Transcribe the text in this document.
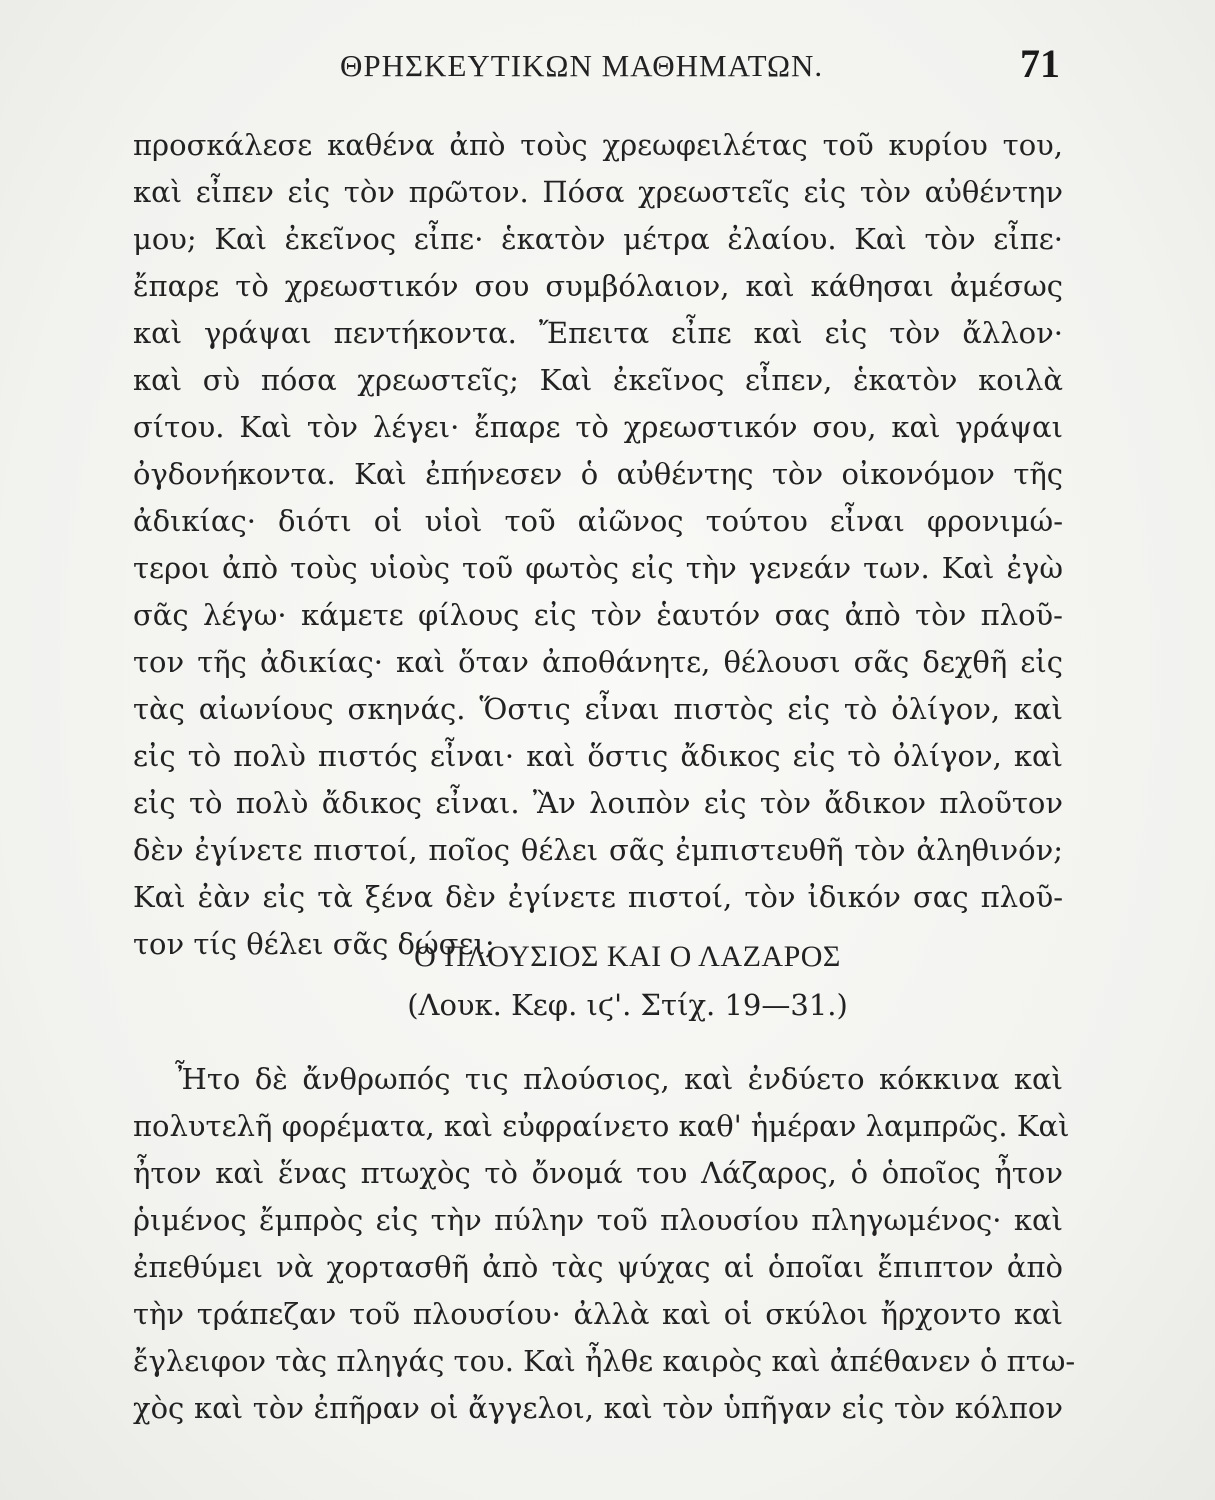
ΘΡΗΣΚΕΥΤΙΚΩΝ ΜΑΘΗΜΑΤΩΝ.	71
προσκάλεσε καθένα ἀπὸ τοὺς χρεωφειλέτας τοῦ κυρίου του,
καὶ εἶπεν εἰς τὸν πρῶτον. Πόσα χρεωστεῖς εἰς τὸν αὐθέντην
μου; Καὶ ἐκεῖνος εἶπε· ἑκατὸν μέτρα ἐλαίου. Καὶ τὸν εἶπε·
ἔπαρε τὸ χρεωστικόν σου συμβόλαιον, καὶ κάθησαι ἀμέσως
καὶ γράψαι πεντήκοντα. Ἔπειτα εἶπε καὶ εἰς τὸν ἄλλον·
καὶ σὺ πόσα χρεωστεῖς; Καὶ ἐκεῖνος εἶπεν, ἑκατὸν κοιλὰ
σίτου. Καὶ τὸν λέγει· ἔπαρε τὸ χρεωστικόν σου, καὶ γράψαι
ὀγδονήκοντα. Καὶ ἐπήνεσεν ὁ αὐθέντης τὸν οἰκονόμον τῆς
ἀδικίας· διότι οἱ υἱοὶ τοῦ αἰῶνος τούτου εἶναι φρονιμώ-
τεροι ἀπὸ τοὺς υἱοὺς τοῦ φωτὸς εἰς τὴν γενεάν των. Καὶ ἐγὼ
σᾶς λέγω· κάμετε φίλους εἰς τὸν ἑαυτόν σας ἀπὸ τὸν πλοῦ-
τον τῆς ἀδικίας· καὶ ὅταν ἀποθάνητε, θέλουσι σᾶς δεχθῆ εἰς
τὰς αἰωνίους σκηνάς. Ὅστις εἶναι πιστὸς εἰς τὸ ὀλίγον, καὶ
εἰς τὸ πολὺ πιστός εἶναι· καὶ ὅστις ἄδικος εἰς τὸ ὀλίγον, καὶ
εἰς τὸ πολὺ ἄδικος εἶναι. Ἂν λοιπὸν εἰς τὸν ἄδικον πλοῦτον
δὲν ἐγίνετε πιστοί, ποῖος θέλει σᾶς ἐμπιστευθῆ τὸν ἀληθινόν;
Καὶ ἐὰν εἰς τὰ ξένα δὲν ἐγίνετε πιστοί, τὸν ἰδικόν σας πλοῦ-
τον τίς θέλει σᾶς δώσει;
Ο ΠΛΟΥΣΙΟΣ ΚΑΙ Ο ΛΑΖΑΡΟΣ
(Λουκ. Κεφ. ιϛ'. Στίχ. 19—31.)
Ἦτο δὲ ἄνθρωπός τις πλούσιος, καὶ ἐνδύετο κόκκινα καὶ
πολυτελῆ φορέματα, καὶ εὐφραίνετο καθ' ἡμέραν λαμπρῶς. Καὶ
ἦτον καὶ ἕνας πτωχὸς τὸ ὄνομά του Λάζαρος, ὁ ὁποῖος ἦτον
ῥιμένος ἔμπρὸς εἰς τὴν πύλην τοῦ πλουσίου πληγωμένος· καὶ
ἐπεθύμει νὰ χορτασθῆ ἀπὸ τὰς ψύχας αἱ ὁποῖαι ἔπιπτον ἀπὸ
τὴν τράπεζαν τοῦ πλουσίου· ἀλλὰ καὶ οἱ σκύλοι ἤρχοντο καὶ
ἔγλειφον τὰς πληγάς του. Καὶ ἦλθε καιρὸς καὶ ἀπέθανεν ὁ πτω-
χὸς καὶ τὸν ἐπῆραν οἱ ἄγγελοι, καὶ τὸν ὑπῆγαν εἰς τὸν κόλπον
